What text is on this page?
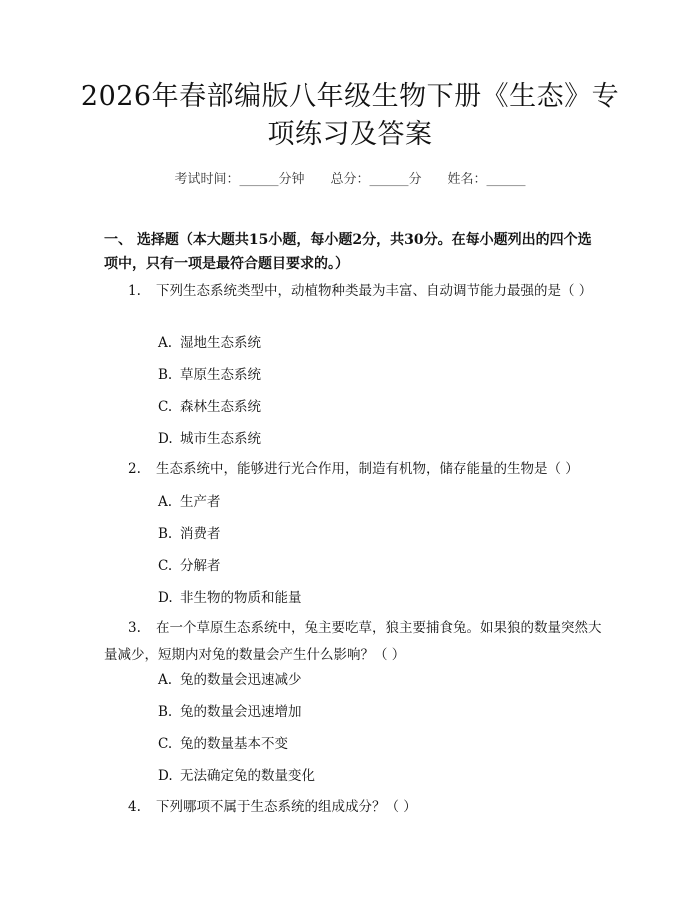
2026年春部编版八年级生物下册《生态》专
项练习及答案
考试时间：______分钟 总分：______分 姓名：______
一、 选择题（本大题共15小题，每小题2分，共30分。在每小题列出的四个选项中，只有一项是最符合题目要求的。）
1. 下列生态系统类型中，动植物种类最为丰富、自动调节能力最强的是（ ）
A. 湿地生态系统
B. 草原生态系统
C. 森林生态系统
D. 城市生态系统
2. 生态系统中，能够进行光合作用，制造有机物，储存能量的生物是（ ）
A. 生产者
B. 消费者
C. 分解者
D. 非生物的物质和能量
3. 在一个草原生态系统中，兔主要吃草，狼主要捕食兔。如果狼的数量突然大量减少，短期内对兔的数量会产生什么影响？（ ）
A. 兔的数量会迅速减少
B. 兔的数量会迅速增加
C. 兔的数量基本不变
D. 无法确定兔的数量变化
4. 下列哪项不属于生态系统的组成成分？（ ）
